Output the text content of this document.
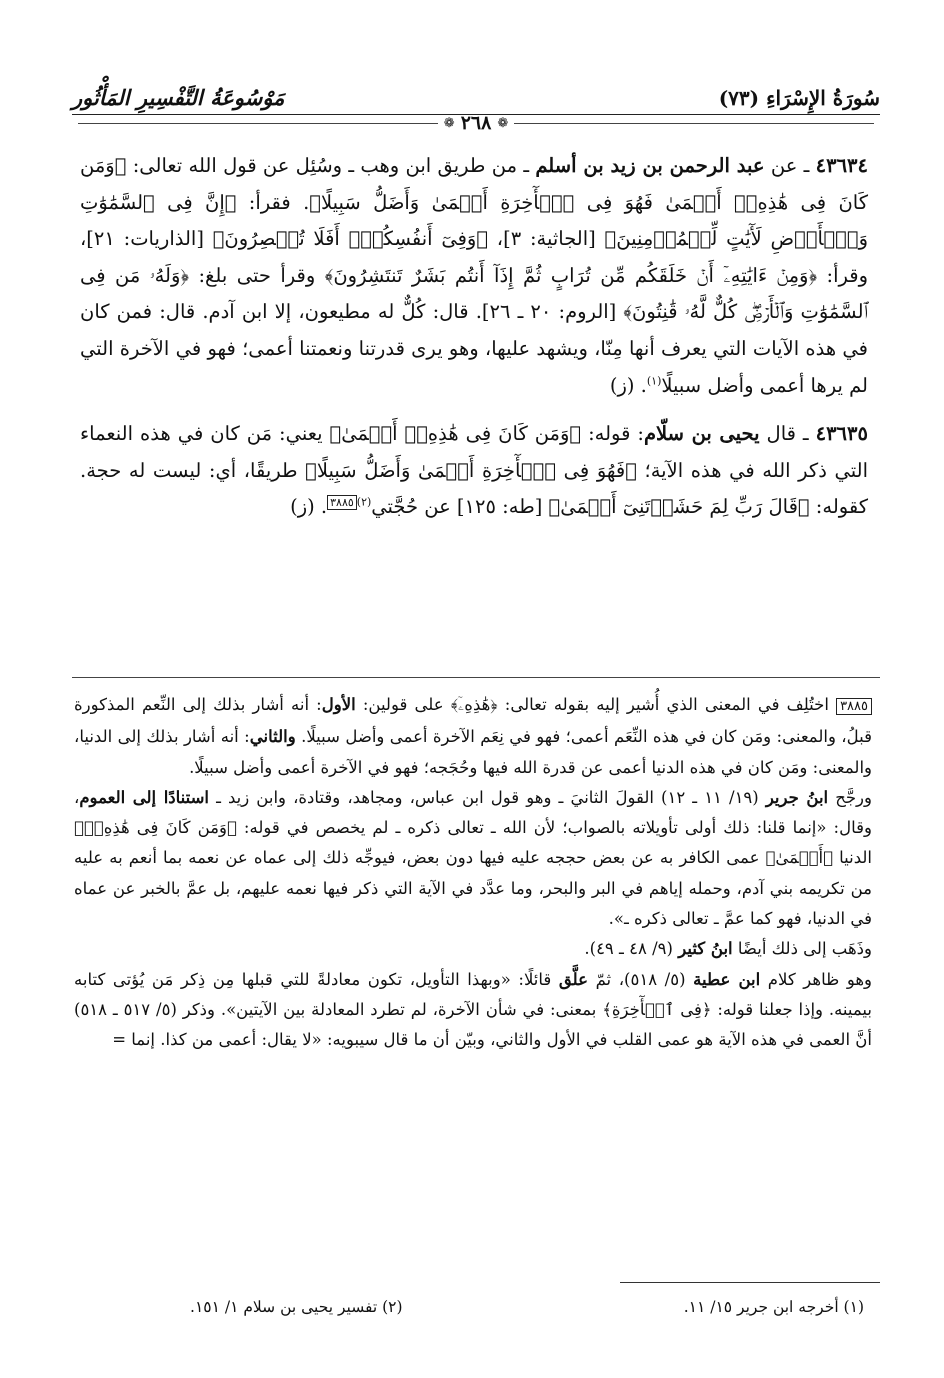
سُورَةُ الإِسْرَاءِ (٧٣)
مَوْسُوعَةُ التَّفْسِيرِ المَأْثُور
❁
٢٦٨
❁

٤٣٦٣٤ ـ عن عبد الرحمن بن زيد بن أسلم ـ من طريق ابن وهب ـ وسُئِل عن قول الله تعالى: ﴿وَمَن كَانَ فِى هَٰذِهِۦٓ أَعۡمَىٰ فَهُوَ فِى ٱلۡأٓخِرَةِ أَعۡمَىٰ وَأَضَلُّ سَبِيلًا﴾. فقرأ: ﴿إِنَّ فِى ٱلسَّمَٰوَٰتِ وَٱلۡأَرۡضِ لَأٓيَٰتٍ لِّلۡمُؤۡمِنِينَ﴾ [الجاثية: ٣]، ﴿وَفِىٓ أَنفُسِكُمۡۚ أَفَلَا تُبۡصِرُونَ﴾ [الذاريات: ٢١]، وقرأ: ﴿وَمِنۡ ءَايَٰتِهِۦٓ أَنۡ خَلَقَكُم مِّن تُرَابٍ ثُمَّ إِذَآ أَنتُم بَشَرٌ تَنتَشِرُونَ﴾ وقرأ حتى بلغ: ﴿وَلَهُۥ مَن فِى ٱلسَّمَٰوَٰتِ وَٱلۡأَرۡضِۖ كُلٌّ لَّهُۥ قَٰنِتُونَ﴾ [الروم: ٢٠ ـ ٢٦]. قال: كُلٌّ له مطيعون، إلا ابن آدم. قال: فمن كان في هذه الآيات التي يعرف أنها مِنّا، ويشهد عليها، وهو يرى قدرتنا ونعمتنا أعمى؛ فهو في الآخرة التي لم يرها أعمى وأضل سبيلًا$^{(١)}$. (ز)

٤٣٦٣٥ ـ قال يحيى بن سلّام: قوله: ﴿وَمَن كَانَ فِى هَٰذِهِۦٓ أَعۡمَىٰ﴾ يعني: مَن كان في هذه النعماء التي ذكر الله في هذه الآية؛ ﴿فَهُوَ فِى ٱلۡأٓخِرَةِ أَعۡمَىٰ وَأَضَلُّ سَبِيلًا﴾ طريقًا، أي: ليست له حجة. كقوله: ﴿قَالَ رَبِّ لِمَ حَشَرۡتَنِىٓ أَعۡمَىٰ﴾ [طه: ١٢٥] عن حُجَّتي$^{(٢)٣٨٨٥}$. (ز)

٣٨٨٥ اختُلِف في المعنى الذي أُشير إليه بقوله تعالى: ﴿هَٰذِهِۦٓ﴾ على قولين: الأول: أنه أشار بذلك إلى النِّعم المذكورة قبلُ، والمعنى: ومَن كان في هذه النِّعَم أعمى؛ فهو في نِعَم الآخرة أعمى وأضل سبيلًا. والثاني: أنه أشار بذلك إلى الدنيا، والمعنى: ومَن كان في هذه الدنيا أعمى عن قدرة الله فيها وحُجَجه؛ فهو في الآخرة أعمى وأضل سبيلًا.

ورجَّح ابنُ جرير (١٩/ ١١ ـ ١٢) القولَ الثانيَ ـ وهو قول ابن عباس، ومجاهد، وقتادة، وابن زيد ـ استنادًا إلى العموم، وقال: «إنما قلنا: ذلك أولى تأويلاته بالصواب؛ لأن الله ـ تعالى ذكره ـ لم يخصص في قوله: ﴿وَمَن كَانَ فِى هَٰذِهِۦٓ﴾ الدنيا ﴿أَعۡمَىٰ﴾ عمى الكافر به عن بعض حججه عليه فيها دون بعض، فيوجِّه ذلك إلى عماه عن نعمه بما أنعم به عليه من تكريمه بني آدم، وحمله إياهم في البر والبحر، وما عدَّد في الآية التي ذكر فيها نعمه عليهم، بل عمَّ بالخبر عن عماه في الدنيا، فهو كما عمَّ ـ تعالى ذكره ـ».

وذَهَب إلى ذلك أيضًا ابنُ كثير (٩/ ٤٨ ـ ٤٩).

وهو ظاهر كلام ابن عطية (٥/ ٥١٨)، ثمّ علَّق قائلًا: «وبهذا التأويل، تكون معادلةً للتي قبلها مِن ذِكر مَن يُؤتى كتابه بيمينه. وإذا جعلنا قوله: ﴿فِى ٱلۡأٓخِرَةِ﴾ بمعنى: في شأن الآخرة، لم تطرد المعادلة بين الآيتين». وذكر (٥/ ٥١٧ ـ ٥١٨) أنَّ العمى في هذه الآية هو عمى القلب في الأول والثاني، وبيّن أن ما قال سيبويه: «لا يقال: أعمى من كذا. إنما =

(١) أخرجه ابن جرير ١٥/ ١١.
(٢) تفسير يحيى بن سلام ١/ ١٥١.
